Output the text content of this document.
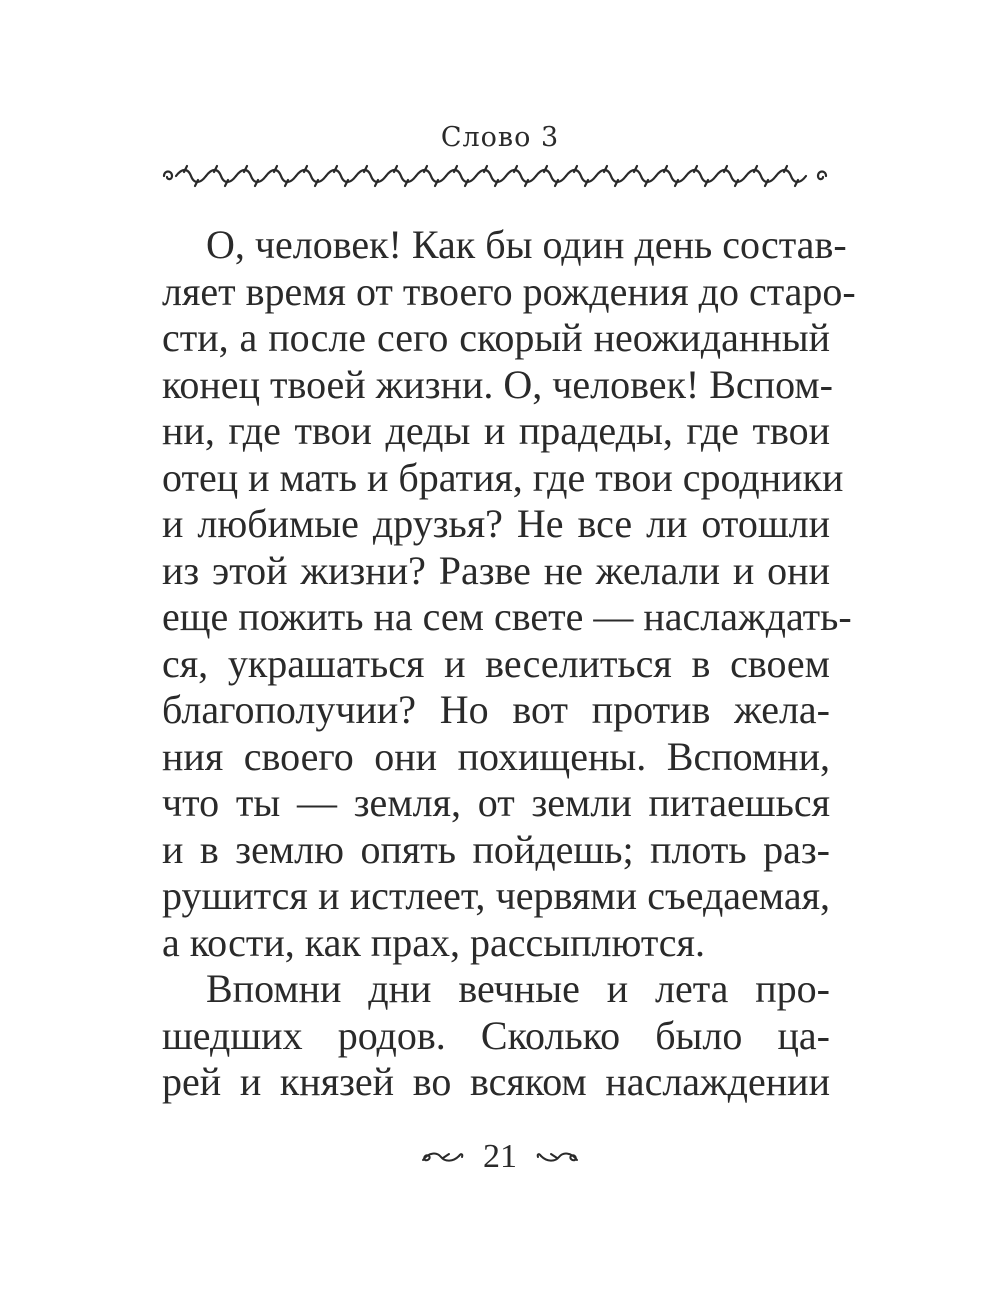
Слово 3
О, человек! Как бы один день состав-
ляет время от твоего рождения до старо-
сти, а после сего скорый неожиданный
конец твоей жизни. О, человек! Вспом-
ни, где твои деды и прадеды, где твои
отец и мать и братия, где твои сродники
и любимые друзья? Не все ли отошли
из этой жизни? Разве не желали и они
еще пожить на сем свете — наслаждать-
ся, украшаться и веселиться в своем
благополучии? Но вот против жела-
ния своего они похищены. Вспомни,
что ты — земля, от земли питаешься
и в землю опять пойдешь; плоть раз-
рушится и истлеет, червями съедаемая,
а кости, как прах, рассыплются.
Впомни дни вечные и лета про-
шедших родов. Сколько было ца-
рей и князей во всяком наслаждении
21
